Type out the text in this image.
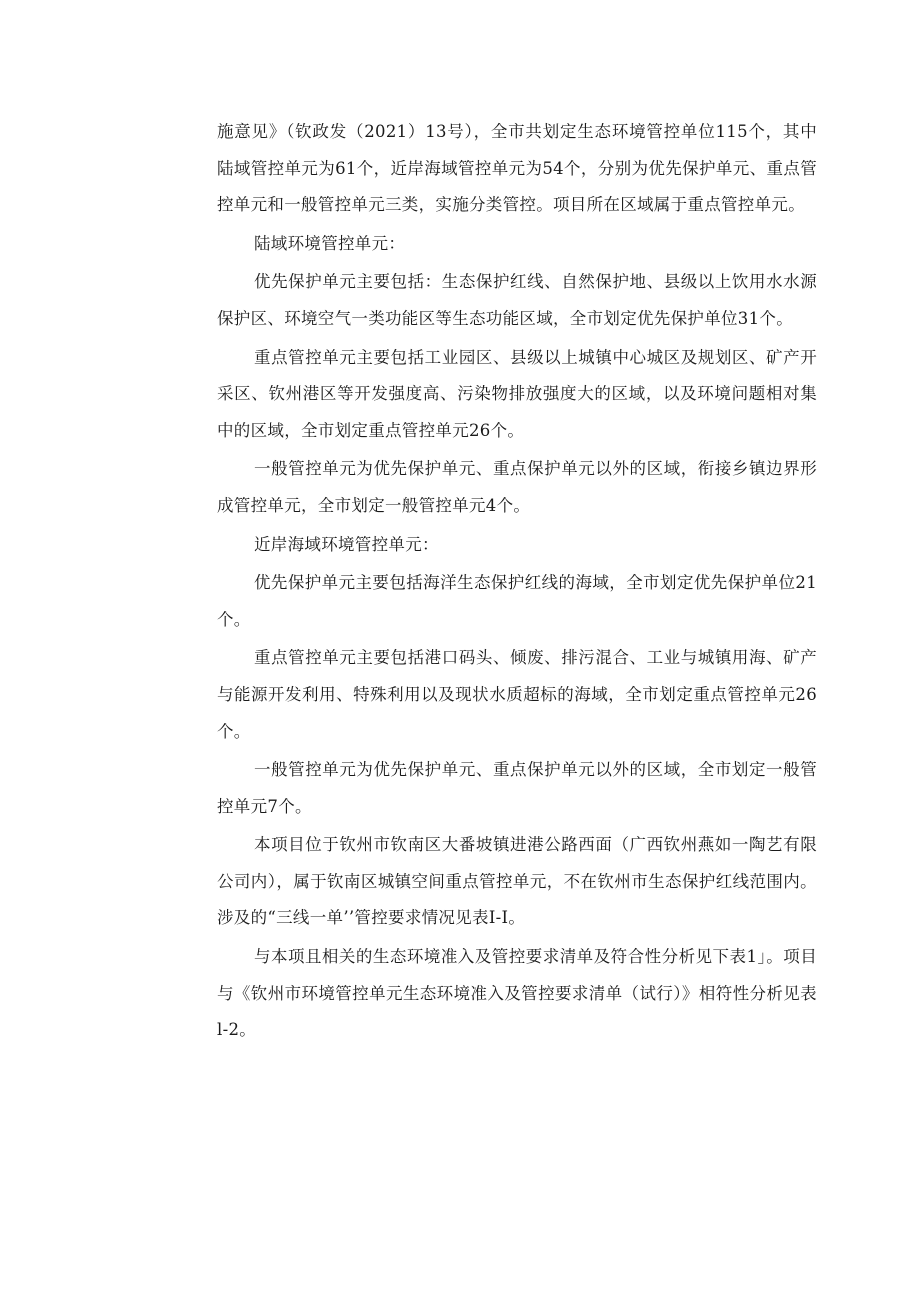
施意见》（钦政发（2021）13号），全市共划定生态环境管控单位115个，其中陆域管控单元为61个，近岸海域管控单元为54个，分别为优先保护单元、重点管控单元和一般管控单元三类，实施分类管控。项目所在区域属于重点管控单元。

陆域环境管控单元：

优先保护单元主要包括：生态保护红线、自然保护地、县级以上饮用水水源保护区、环境空气一类功能区等生态功能区域，全市划定优先保护单位31个。

重点管控单元主要包括工业园区、县级以上城镇中心城区及规划区、矿产开采区、钦州港区等开发强度高、污染物排放强度大的区域，以及环境问题相对集中的区域，全市划定重点管控单元26个。

一般管控单元为优先保护单元、重点保护单元以外的区域，衔接乡镇边界形成管控单元，全市划定一般管控单元4个。

近岸海域环境管控单元：

优先保护单元主要包括海洋生态保护红线的海域，全市划定优先保护单位21个。

重点管控单元主要包括港口码头、倾废、排污混合、工业与城镇用海、矿产与能源开发利用、特殊利用以及现状水质超标的海域，全市划定重点管控单元26个。

一般管控单元为优先保护单元、重点保护单元以外的区域，全市划定一般管控单元7个。

本项目位于钦州市钦南区大番坡镇进港公路西面（广西钦州燕如一陶艺有限公司内），属于钦南区城镇空间重点管控单元，不在钦州市生态保护红线范围内。涉及的“三线一单’’管控要求情况见表I-I。

与本项且相关的生态环境准入及管控要求清单及符合性分析见下表1」。项目与《钦州市环境管控单元生态环境准入及管控要求清单（试行）》相符性分析见表l-2。
